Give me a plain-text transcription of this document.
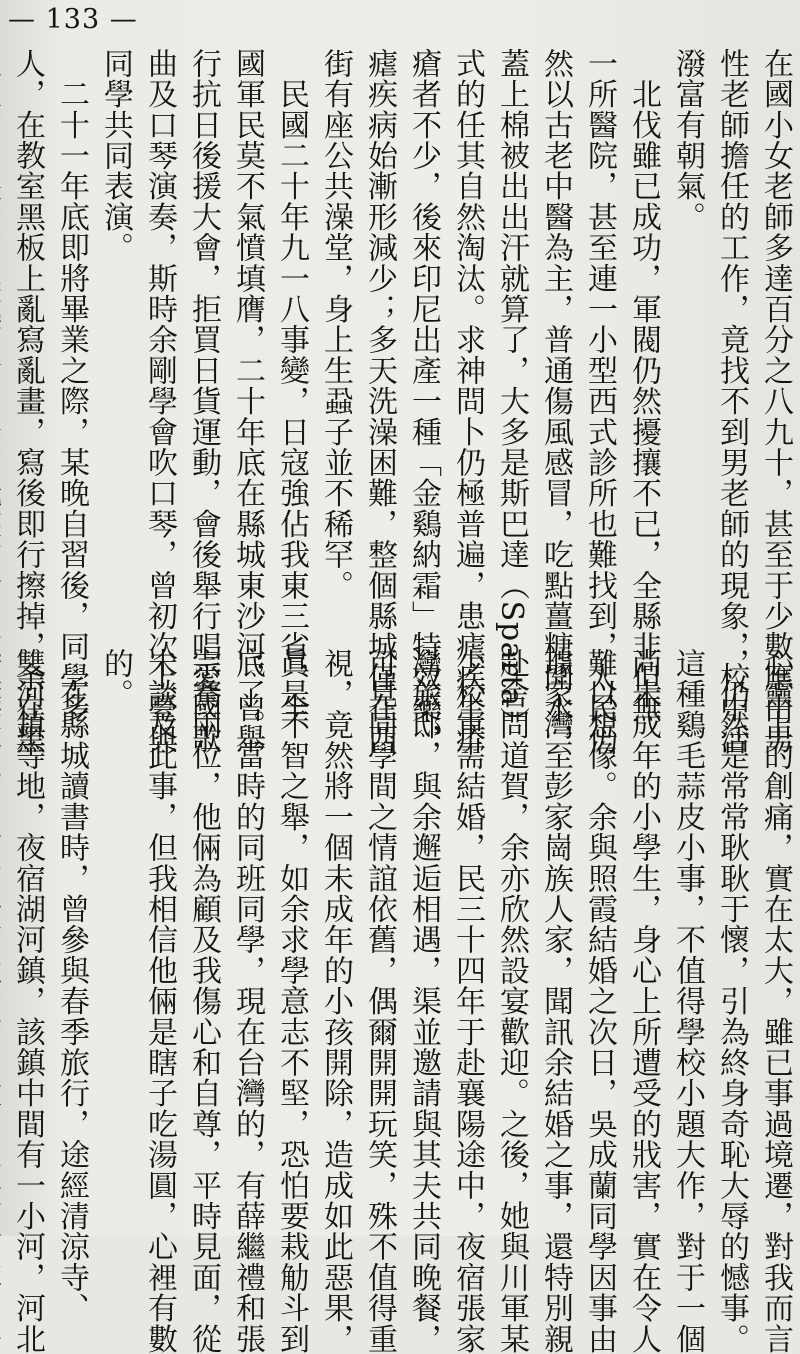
— 133 —
在國小女老師多達百分之八九十，甚至于少數應由男
性老師擔任的工作，竟找不到男老師的現象，校中活
潑富有朝氣。
　北伐雖已成功，軍閥仍然擾攘不已，全縣非但無
一所醫院，甚至連一小型西式診所也難找到，人民仍
然以古老中醫為主，普通傷風感冒，吃點薑糖開水，
蓋上棉被出出汗就算了，大多是斯巴達（Sparta）
式的任其自然淘汰。求神問卜仍極普遍，患瘧疾生疥
瘡者不少，後來印尼出產一種「金鷄納霜」特效藥，
瘧疾病始漸形減少；多天洗澡困難，整個縣城僅在西
街有座公共澡堂，身上生蝨子並不稀罕。
　民國二十年九一八事變，日寇強佔我東三省，全
國軍民莫不氣憤填膺，二十年底在縣城東沙河，曾舉
行抗日後援大會，拒買日貨運動，會後舉行唱愛國歌
曲及口琴演奏，斯時余剛學會吹口琴，曾初次上臺與
同學共同表演。
　二十一年底即將畢業之際，某晚自習後，同學多
人，在教室黑板上亂寫亂畫，寫後即行擦掉，余在黑
心靈上的創痛，實在太大，雖已事過境遷，對我而言
，仍然是常常耿耿于懷，引為終身奇恥大辱的憾事。
這種鷄毛蒜皮小事，不值得學校小題大作，對于一個
尚未成年的小學生，身心上所遭受的戕害，實在令人
難以想像。余與照霞結婚之次日，吳成蘭同學因事由
璩家灣至彭家崗族人家，聞訊余結婚之事，還特別親
赴舍問道賀，余亦欣然設宴歡迎。之後，她與川軍某
少校軍需結婚，民三十四年于赴襄陽途中，夜宿張家
灣旅邸，與余邂逅相遇，渠並邀請與其夫共同晚餐，
可見同學間之情誼依舊，偶爾開開玩笑，殊不值得重
視，竟然將一個未成年的小孩開除，造成如此惡果，
眞是不智之舉，如余求學意志不堅，恐怕要栽觔斗到
底了。當時的同班同學，現在台灣的，有薛繼禮和張
宗騫兩位，他倆為顧及我傷心和自尊，平時見面，從
未談及此事，但我相信他倆是瞎子吃湯圓，心裡有數
的。
　在縣城讀書時，曾參與春季旅行，途經清涼寺、
雙河鎮等地，夜宿湖河鎮，該鎮中間有一小河，河北
